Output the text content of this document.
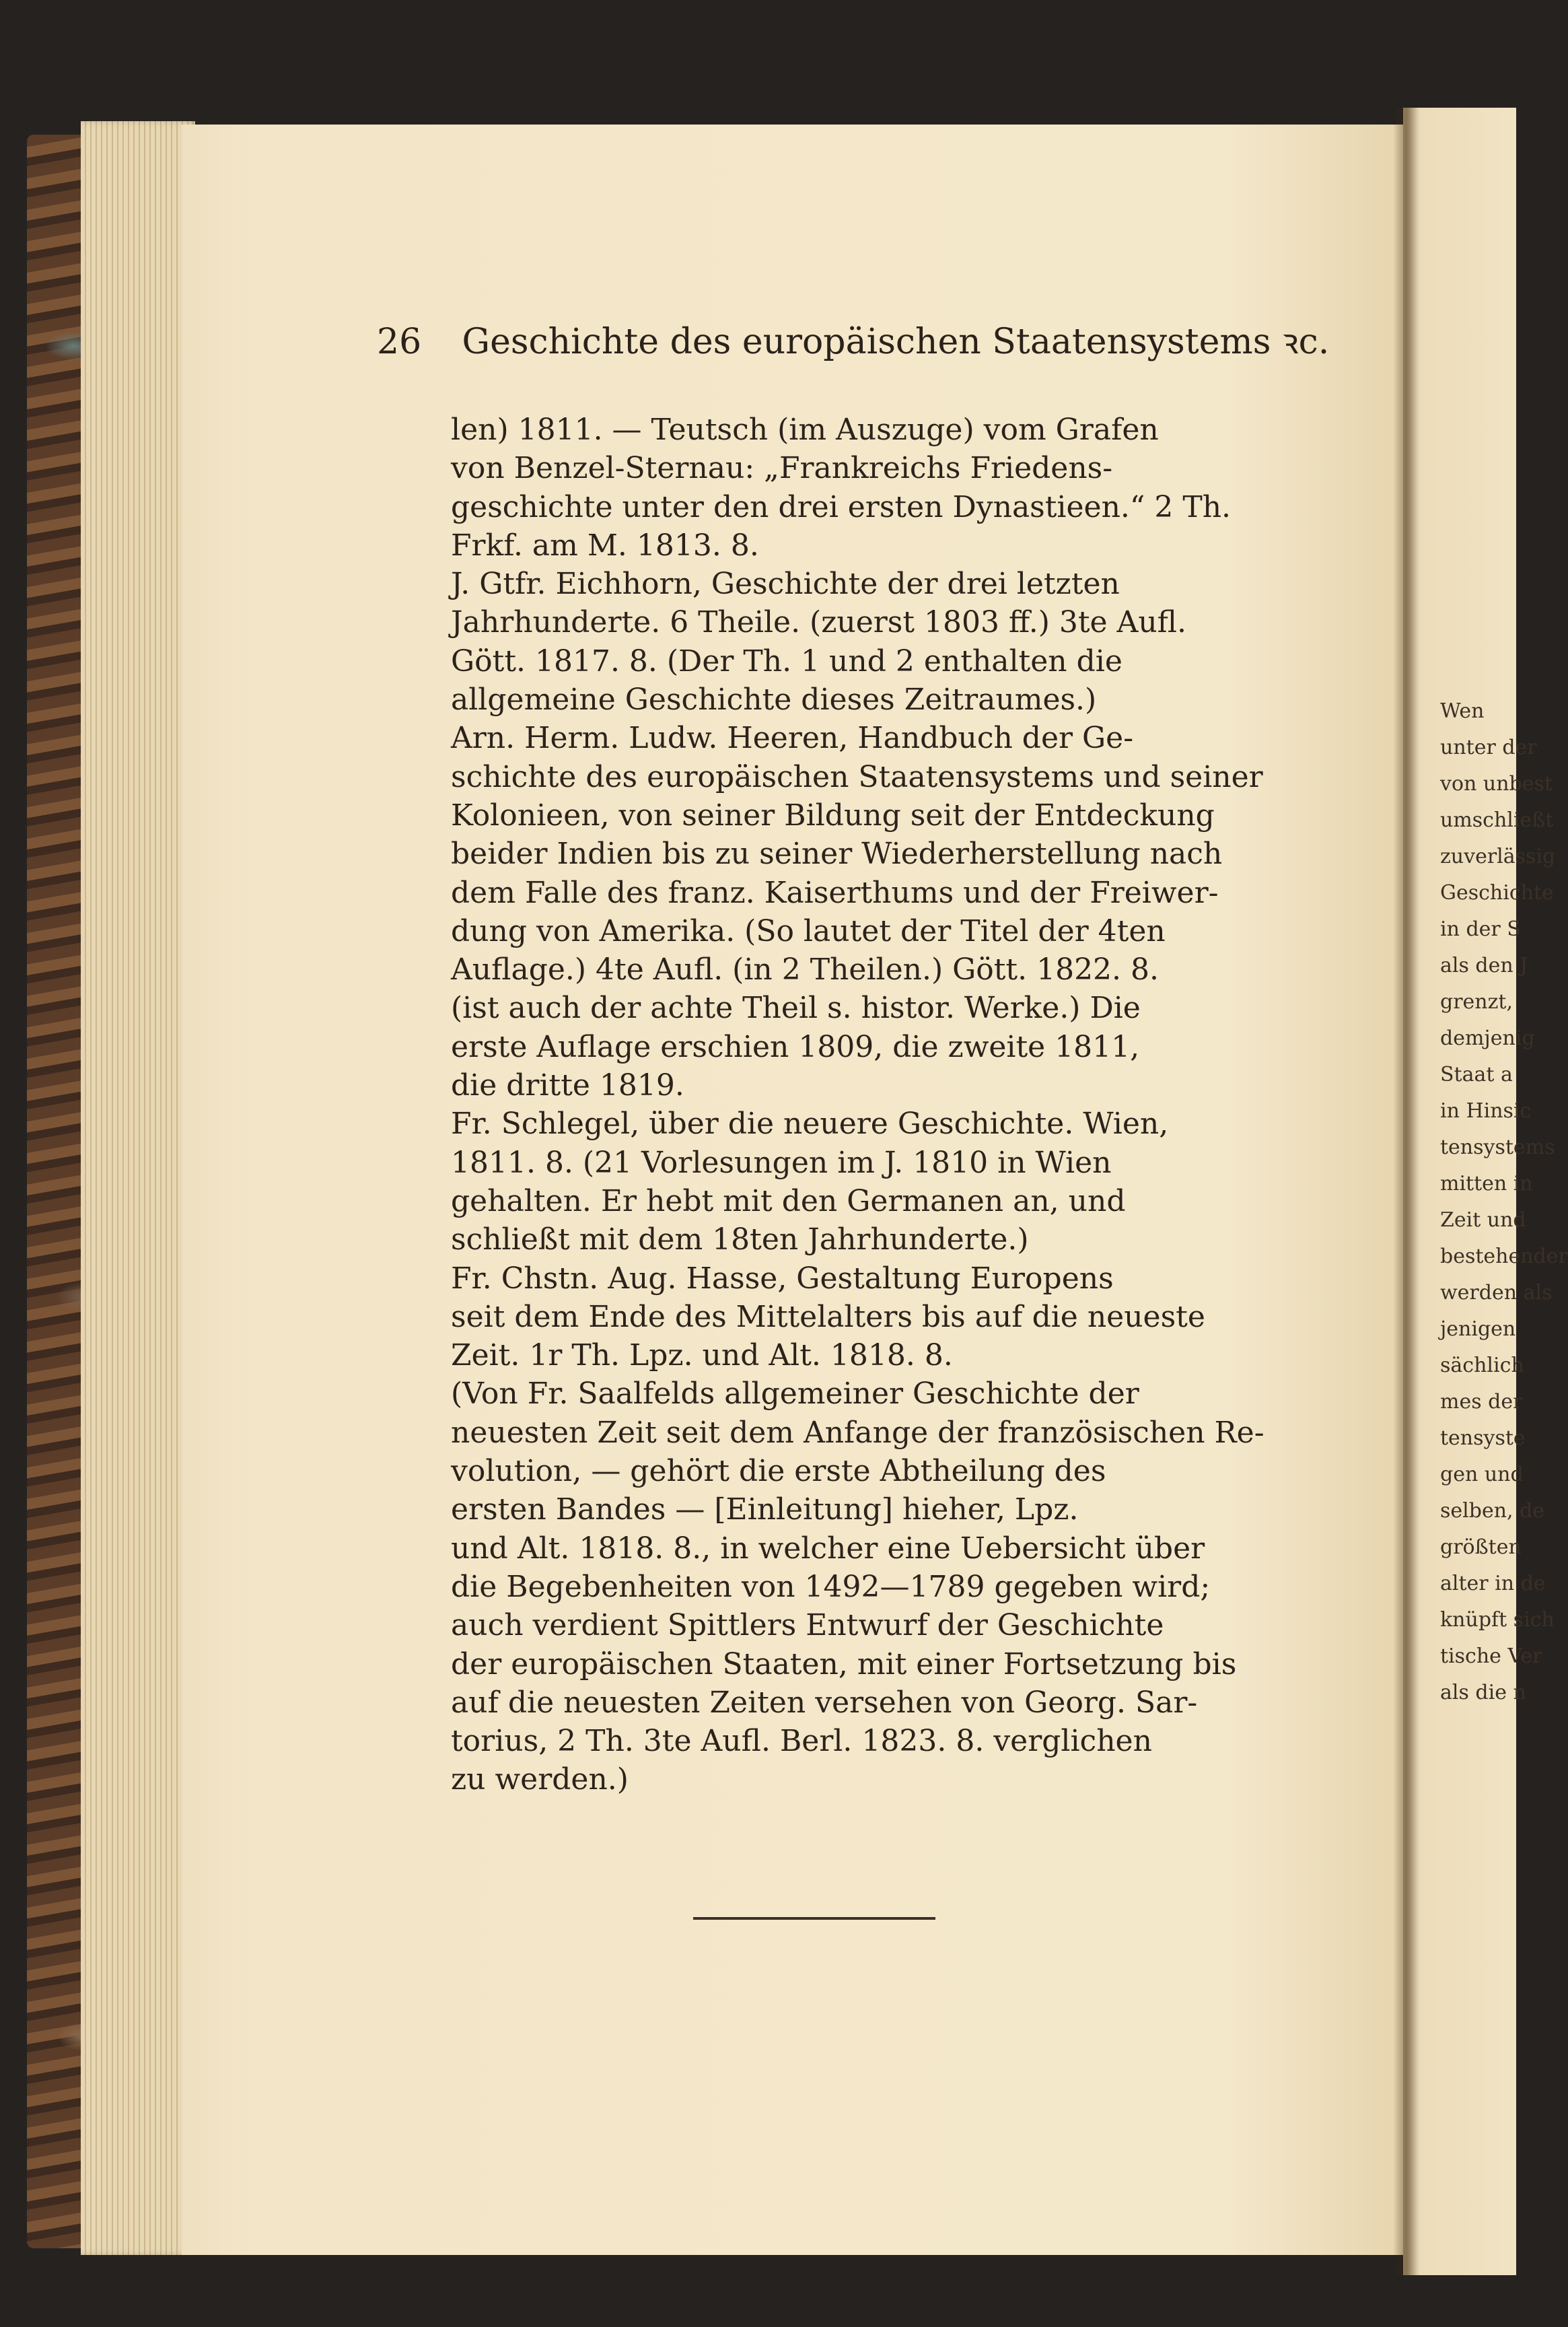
26 Geschichte des europäischen Staatensystems ꝛc.
len) 1811. — Teutsch (im Auszuge) vom Grafen
von Benzel-Sternau: „Frankreichs Friedens-
geschichte unter den drei ersten Dynastieen.“ 2 Th.
Frkf. am M. 1813. 8.
J. Gtfr. Eichhorn, Geschichte der drei letzten
Jahrhunderte. 6 Theile. (zuerst 1803 ff.) 3te Aufl.
Gött. 1817. 8. (Der Th. 1 und 2 enthalten die
allgemeine Geschichte dieses Zeitraumes.)
Arn. Herm. Ludw. Heeren, Handbuch der Ge-
schichte des europäischen Staatensystems und seiner
Kolonieen, von seiner Bildung seit der Entdeckung
beider Indien bis zu seiner Wiederherstellung nach
dem Falle des franz. Kaiserthums und der Freiwer-
dung von Amerika. (So lautet der Titel der 4ten
Auflage.) 4te Aufl. (in 2 Theilen.) Gött. 1822. 8.
(ist auch der achte Theil s. histor. Werke.) Die
erste Auflage erschien 1809, die zweite 1811,
die dritte 1819.
Fr. Schlegel, über die neuere Geschichte. Wien,
1811. 8. (21 Vorlesungen im J. 1810 in Wien
gehalten. Er hebt mit den Germanen an, und
schließt mit dem 18ten Jahrhunderte.)
Fr. Chstn. Aug. Hasse, Gestaltung Europens
seit dem Ende des Mittelalters bis auf die neueste
Zeit. 1r Th. Lpz. und Alt. 1818. 8.
(Von Fr. Saalfelds allgemeiner Geschichte der
neuesten Zeit seit dem Anfange der französischen Re-
volution, — gehört die erste Abtheilung des
ersten Bandes — [Einleitung] hieher, Lpz.
und Alt. 1818. 8., in welcher eine Uebersicht über
die Begebenheiten von 1492—1789 gegeben wird;
auch verdient Spittlers Entwurf der Geschichte
der europäischen Staaten, mit einer Fortsetzung bis
auf die neuesten Zeiten versehen von Georg. Sar-
torius, 2 Th. 3te Aufl. Berl. 1823. 8. verglichen
zu werden.)
Wen
unter der
von unbest
umschließt
zuverlässig
Geschichte
in der S
als den J
grenzt,
demjenig
Staat a
in Hinsic
tensystems
mitten in
Zeit und
bestehender
werden als
jenigen
sächlich
mes der
tensyste
gen und
selben, de
größten
alter in de
knüpft sich
tische Ver
als die n
